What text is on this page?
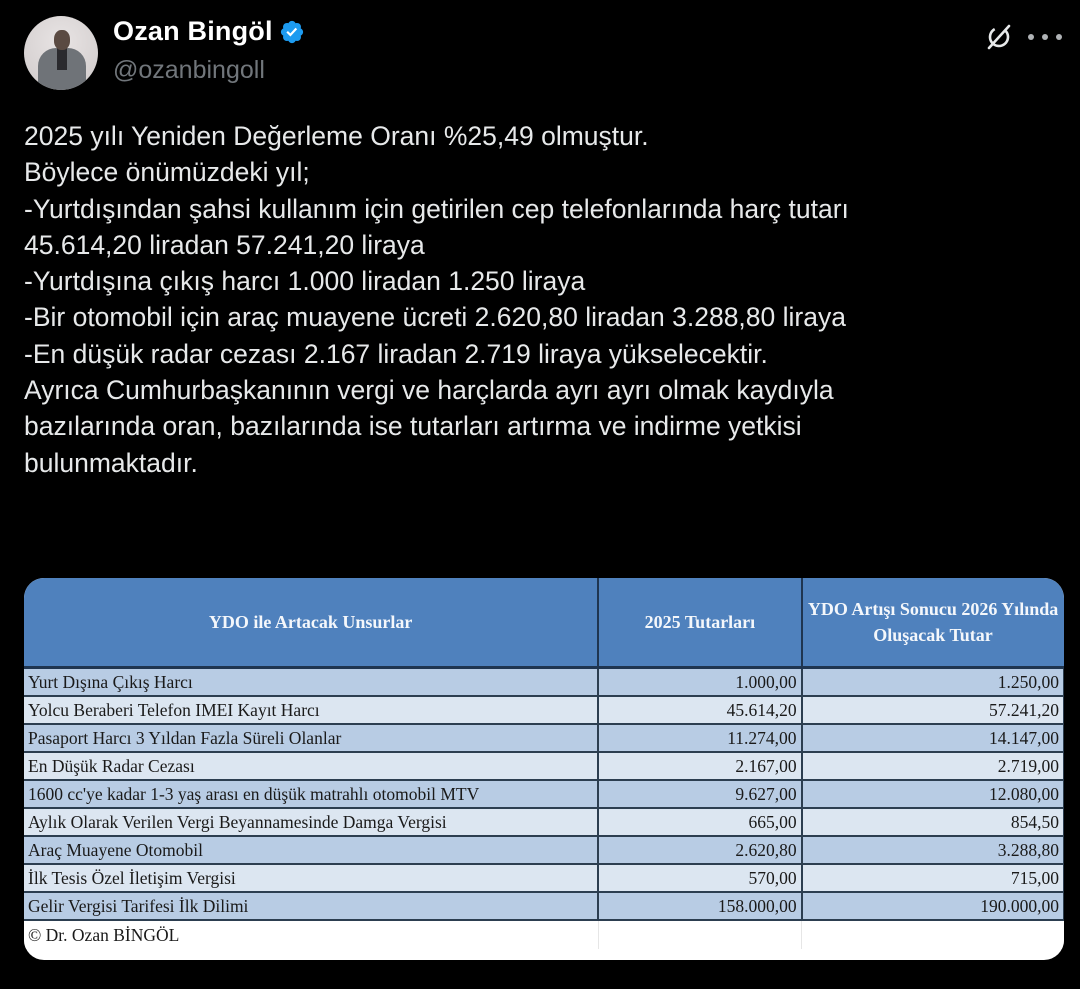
Ozan Bingöl
@ozanbingoll
2025 yılı Yeniden Değerleme Oranı %25,49 olmuştur.
Böylece önümüzdeki yıl;
-Yurtdışından şahsi kullanım için getirilen cep telefonlarında harç tutarı
45.614,20 liradan 57.241,20 liraya
-Yurtdışına çıkış harcı 1.000 liradan 1.250 liraya
-Bir otomobil için araç muayene ücreti 2.620,80 liradan 3.288,80 liraya
-En düşük radar cezası 2.167 liradan 2.719 liraya yükselecektir.
Ayrıca Cumhurbaşkanının vergi ve harçlarda ayrı ayrı olmak kaydıyla
bazılarında oran, bazılarında ise tutarları artırma ve indirme yetkisi
bulunmaktadır.
YDO ile Artacak Unsurlar	2025 Tutarları	YDO Artışı Sonucu 2026 Yılında Oluşacak Tutar
Yurt Dışına Çıkış Harcı	1.000,00	1.250,00
Yolcu Beraberi Telefon IMEI Kayıt Harcı	45.614,20	57.241,20
Pasaport Harcı 3 Yıldan Fazla Süreli Olanlar	11.274,00	14.147,00
En Düşük Radar Cezası	2.167,00	2.719,00
1600 cc'ye kadar 1-3 yaş arası en düşük matrahlı otomobil MTV	9.627,00	12.080,00
Aylık Olarak Verilen Vergi Beyannamesinde Damga Vergisi	665,00	854,50
Araç Muayene Otomobil	2.620,80	3.288,80
İlk Tesis Özel İletişim Vergisi	570,00	715,00
Gelir Vergisi Tarifesi İlk Dilimi	158.000,00	190.000,00
© Dr. Ozan BİNGÖL		
